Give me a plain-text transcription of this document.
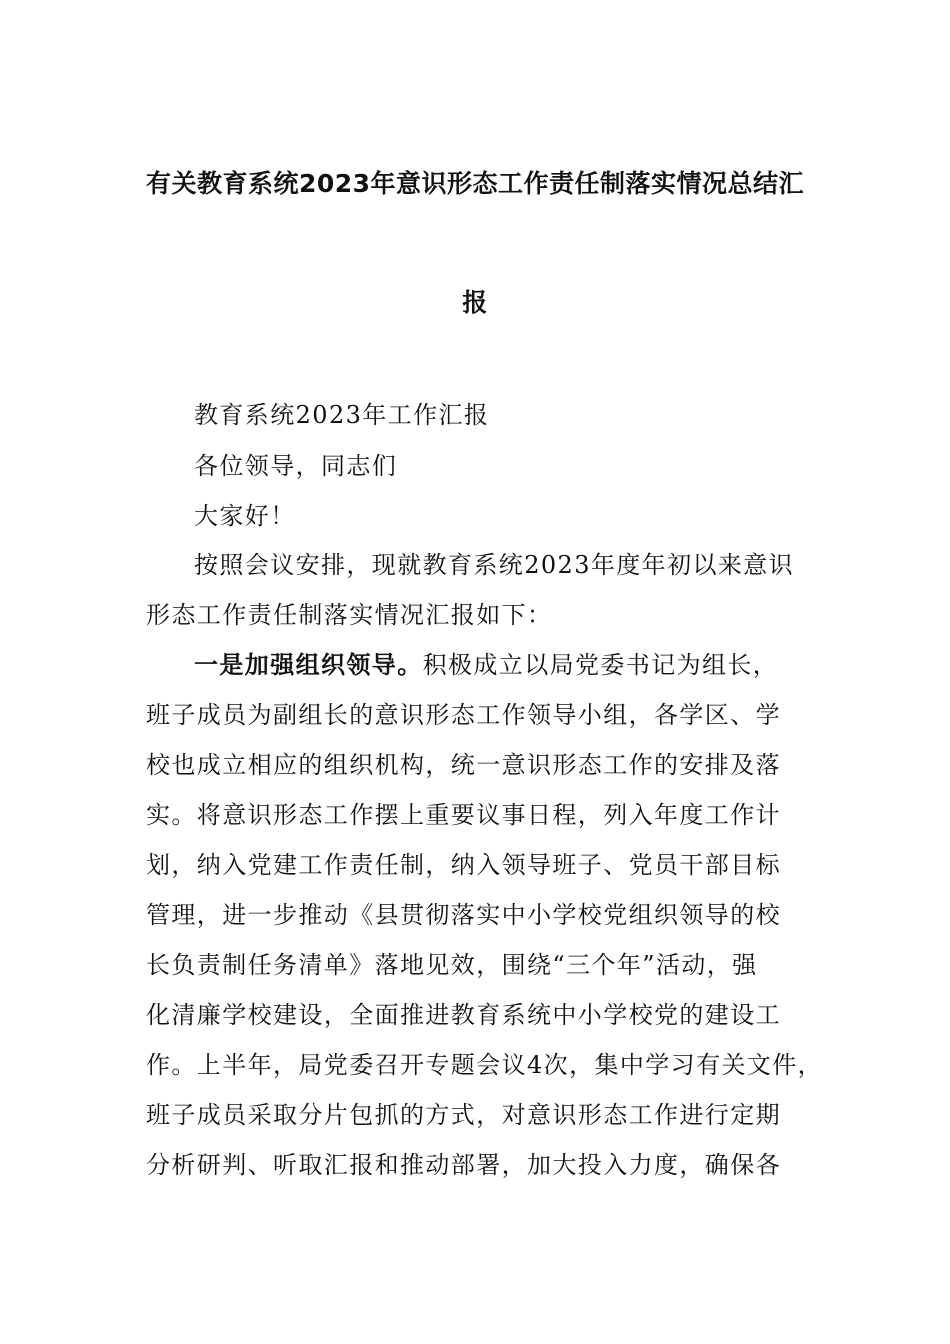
有关教育系统2023年意识形态工作责任制落实情况总结汇
报
教育系统2023年工作汇报
各位领导，同志们
大家好！
按照会议安排，现就教育系统2023年度年初以来意识
形态工作责任制落实情况汇报如下：
一是加强组织领导。积极成立以局党委书记为组长，
班子成员为副组长的意识形态工作领导小组，各学区、学
校也成立相应的组织机构，统一意识形态工作的安排及落
实。将意识形态工作摆上重要议事日程，列入年度工作计
划，纳入党建工作责任制，纳入领导班子、党员干部目标
管理，进一步推动《县贯彻落实中小学校党组织领导的校
长负责制任务清单》落地见效，围绕“三个年”活动，强
化清廉学校建设，全面推进教育系统中小学校党的建设工
作。上半年，局党委召开专题会议4次，集中学习有关文件，
班子成员采取分片包抓的方式，对意识形态工作进行定期
分析研判、听取汇报和推动部署，加大投入力度，确保各
